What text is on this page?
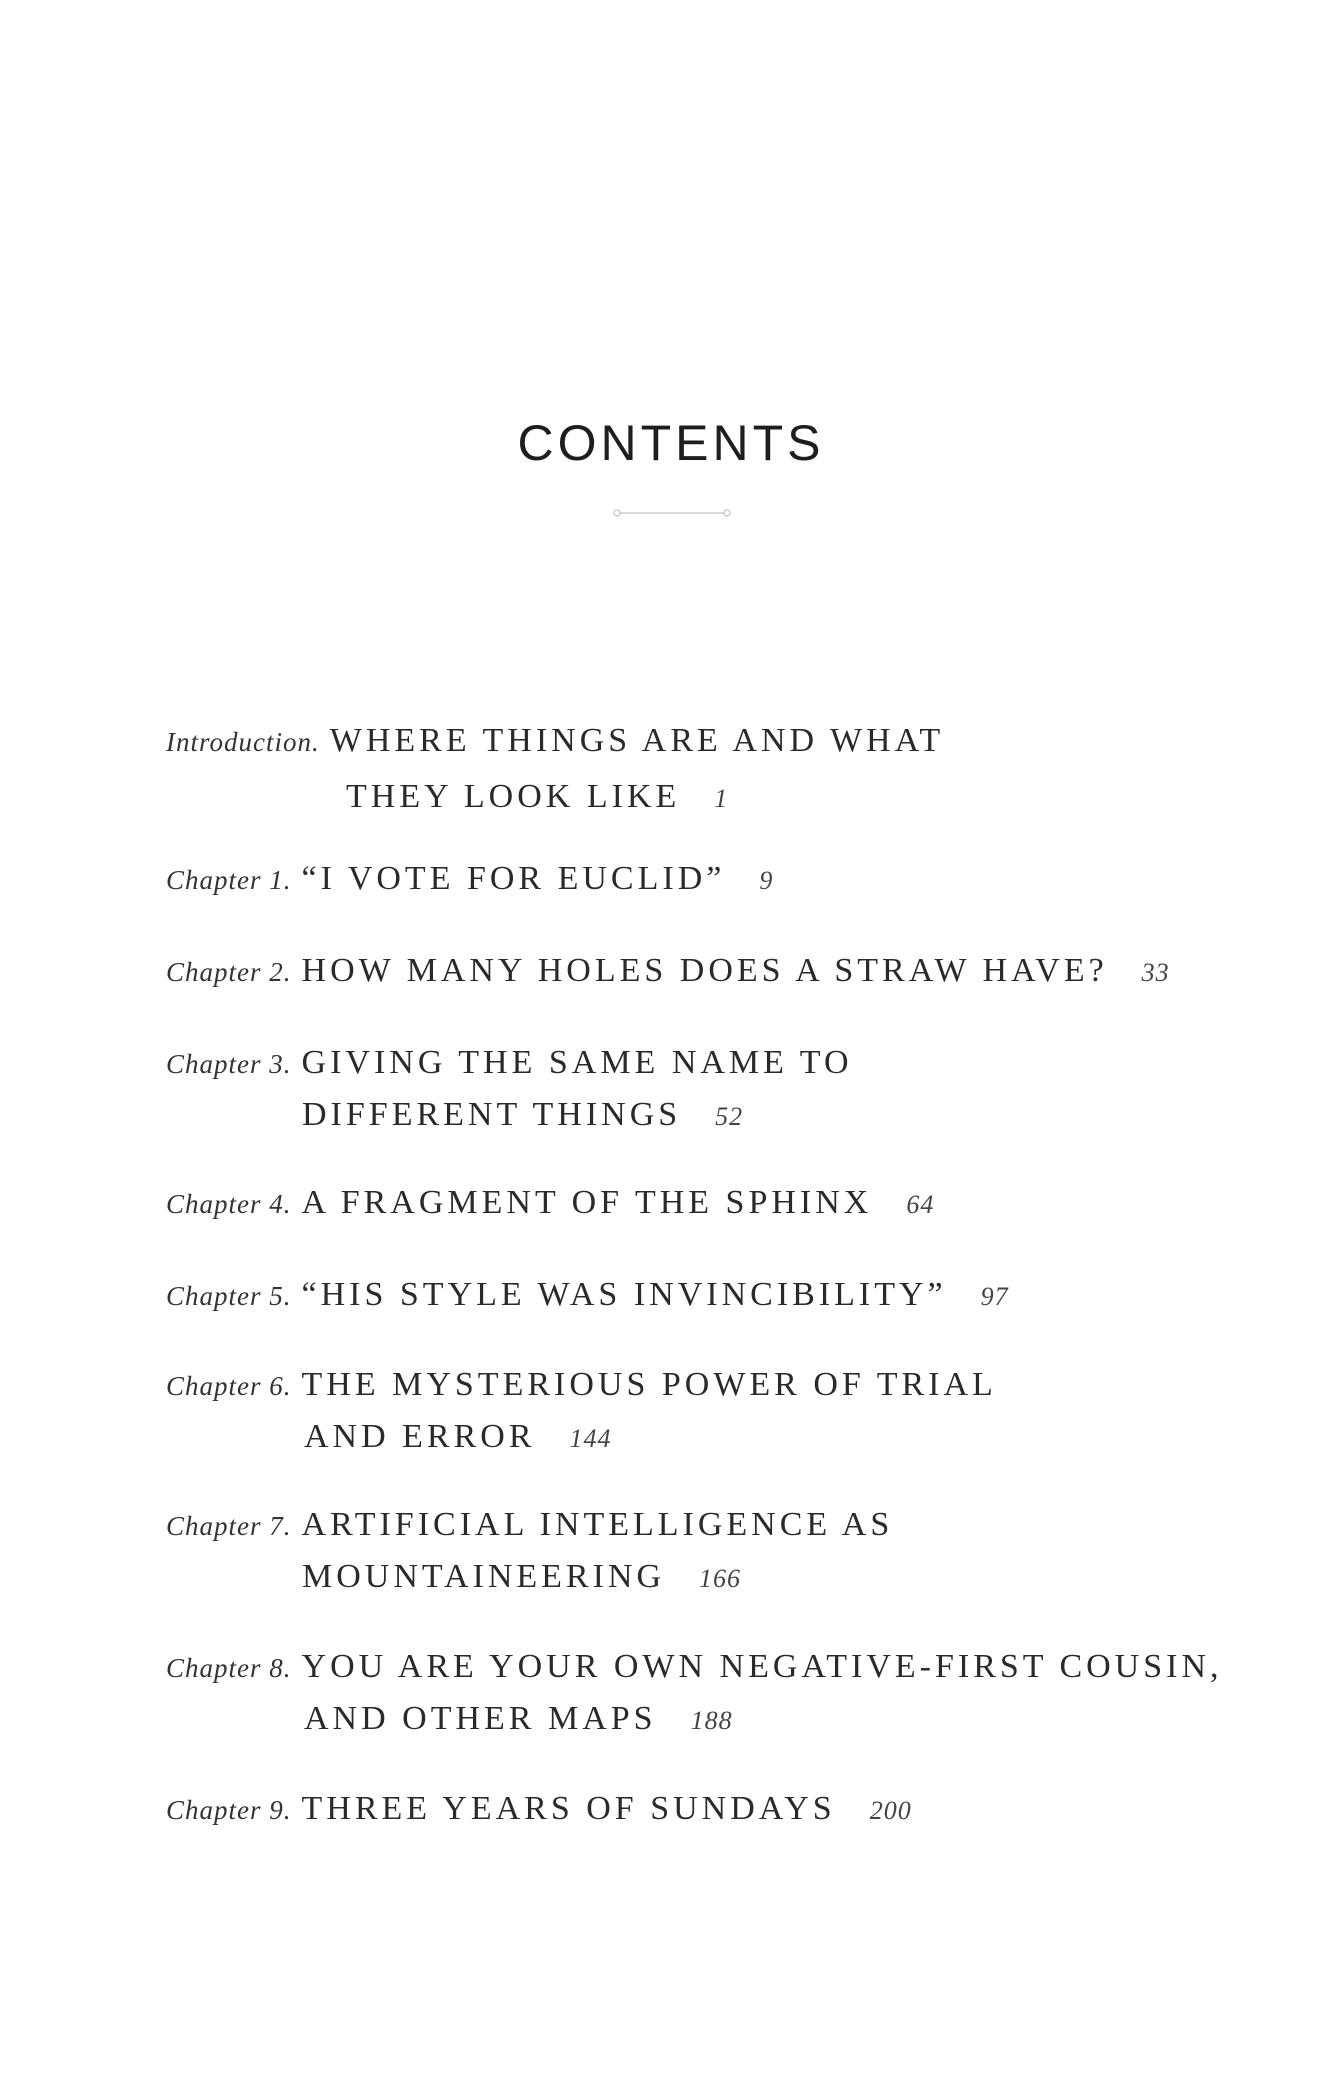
CONTENTS
Introduction. WHERE THINGS ARE AND WHAT
THEY LOOK LIKE 1
Chapter 1. “I VOTE FOR EUCLID” 9
Chapter 2. HOW MANY HOLES DOES A STRAW HAVE? 33
Chapter 3. GIVING THE SAME NAME TO
DIFFERENT THINGS 52
Chapter 4. A FRAGMENT OF THE SPHINX 64
Chapter 5. “HIS STYLE WAS INVINCIBILITY” 97
Chapter 6. THE MYSTERIOUS POWER OF TRIAL
AND ERROR 144
Chapter 7. ARTIFICIAL INTELLIGENCE AS
MOUNTAINEERING 166
Chapter 8. YOU ARE YOUR OWN NEGATIVE-FIRST COUSIN,
AND OTHER MAPS 188
Chapter 9. THREE YEARS OF SUNDAYS 200
